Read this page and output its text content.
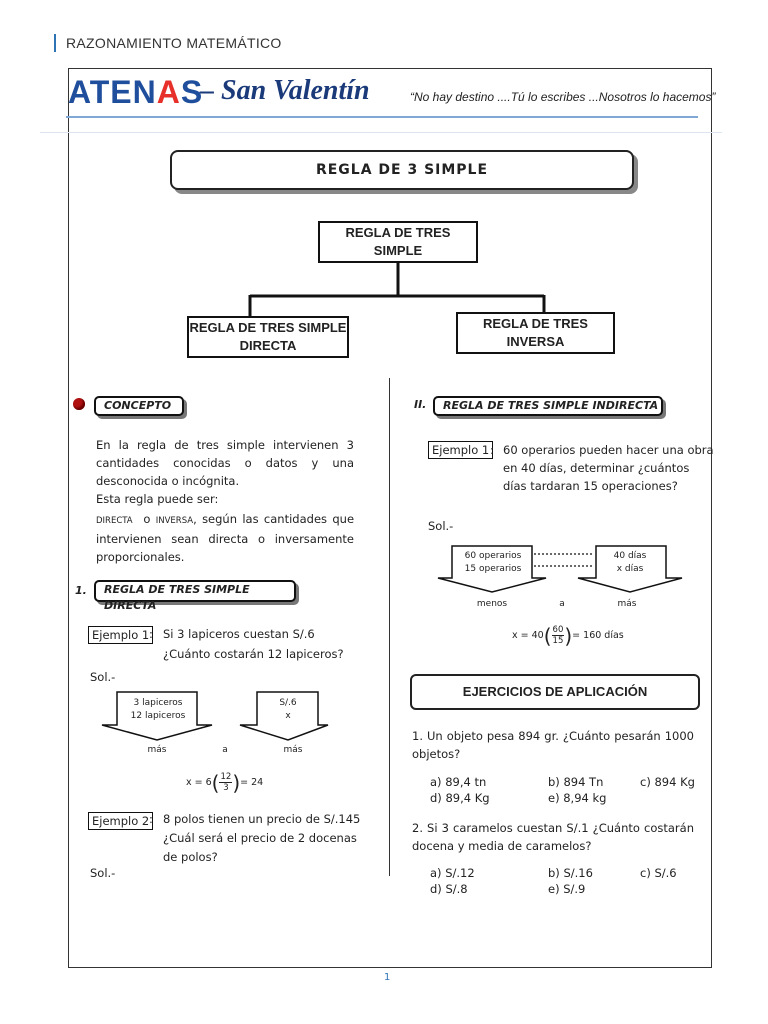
RAZONAMIENTO MATEMÁTICO
ATENAS
– San Valentín	“No hay destino ....Tú lo escribes ...Nosotros lo hacemos”
REGLA DE 3 SIMPLE
REGLA DE TRES SIMPLE
REGLA DE TRES SIMPLE DIRECTA
REGLA DE TRES INVERSA
CONCEPTO
En la regla de tres simple intervienen 3 cantidades conocidas o datos y una desconocida o incógnita.
Esta regla puede ser:
DIRECTA o INVERSA, según las cantidades que intervienen sean directa o inversamente proporcionales.
1.	REGLA DE TRES SIMPLE DIRECTA
Ejemplo 1 : Si 3 lapiceros cuestan S/.6
¿Cuánto costarán 12 lapiceros?
Sol.-
3 lapiceros
12 lapiceros
S/.6
x
más	a	más
x = 6 ( 12
3 ) = 24
Ejemplo 2 : 8 polos tienen un precio de S/.145
¿Cuál será el precio de 2 docenas
de polos?
Sol.-
II.	REGLA DE TRES SIMPLE INDIRECTA
Ejemplo 1 : 60 operarios pueden hacer una obra
en 40 días, determinar ¿cuántos
días tardaran 15 operaciones?
Sol.-
60 operarios
15 operarios
40 días
x días
menos	a	más
x = 40 ( 60
15 ) = 160 días
EJERCICIOS DE APLICACIÓN
1. Un objeto pesa 894 gr. ¿Cuánto pesarán 1000 objetos?
a) 89,4 tn	b) 894 Tn	c) 894 Kg
d) 89,4 Kg	e) 8,94 kg
2. Si 3 caramelos cuestan S/.1 ¿Cuánto costarán docena y media de caramelos?
a) S/.12	b) S/.16	c) S/.6
d) S/.8	e) S/.9
1
